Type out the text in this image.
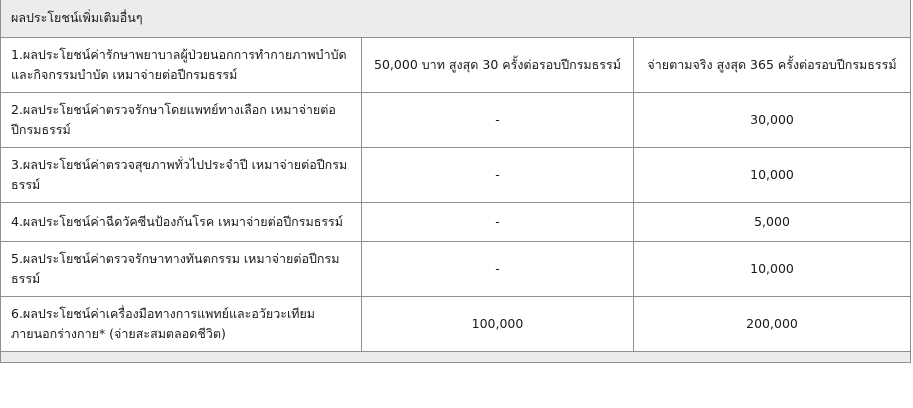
ผลประโยชน์เพิ่มเติมอื่นๆ		
1.ผลประโยชน์ค่ารักษาพยาบาลผู้ป่วยนอกการทำกายภาพบำบัดและกิจกรรมบำบัด เหมาจ่ายต่อปีกรมธรรม์	50,000 บาท สูงสุด 30 ครั้งต่อรอบปีกรมธรรม์	จ่ายตามจริง สูงสุด 365 ครั้งต่อรอบปีกรมธรรม์
2.ผลประโยชน์ค่าตรวจรักษาโดยแพทย์ทางเลือก เหมาจ่ายต่อปีกรมธรรม์	-	30,000
3.ผลประโยชน์ค่าตรวจสุขภาพทั่วไปประจำปี เหมาจ่ายต่อปีกรมธรรม์	-	10,000
4.ผลประโยชน์ค่าฉีดวัคซีนป้องกันโรค เหมาจ่ายต่อปีกรมธรรม์	-	5,000
5.ผลประโยชน์ค่าตรวจรักษาทางทันตกรรม เหมาจ่ายต่อปีกรมธรรม์	-	10,000
6.ผลประโยชน์ค่าเครื่องมือทางการแพทย์และอวัยวะเทียมภายนอกร่างกาย* (จ่ายสะสมตลอดชีวิต)	100,000	200,000
